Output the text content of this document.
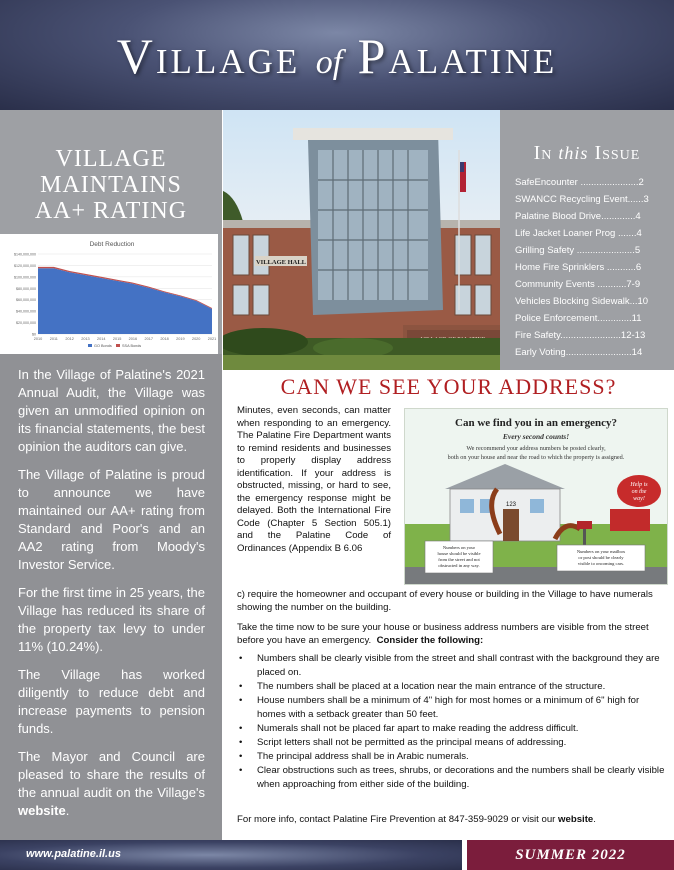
Village of Palatine
VILLAGE
MAINTAINS
AA+ RATING
Debt Reduction
$140,000,000
$120,000,000
$100,000,000
$80,000,000
$60,000,000
$40,000,000
$20,000,000
$0
2010 2011 2012 2013 2014 2015 2016 2017 2018 2019 2020 2021
GO Bonds	SSA Bonds

In the Village of Palatine's 2021 Annual Audit, the Village was given an unmodified opinion on its financial statements, the best opinion the auditors can give.

The Village of Palatine is proud to announce we have maintained our AA+ rating from Standard and Poor's and an AA2 rating from Moody's Investor Service.

For the first time in 25 years, the Village has reduced its share of the property tax levy to under 11% (10.24%).

The Village has worked diligently to reduce debt and increase payments to pension funds.

The Mayor and Council are pleased to share the results of the annual audit on the Village's website.

VILLAGE HALL
In this Issue
SafeEncounter ......................2
SWANCC Recycling Event......3
Palatine Blood Drive.............4
Life Jacket Loaner Prog .......4
Grilling Safety ......................5
Home Fire Sprinklers ...........6
Community Events ...........7-9
Vehicles Blocking Sidewalk...10
Police Enforcement.............11
Fire Safety.......................12-13
Early Voting.........................14
CAN WE SEE YOUR ADDRESS?
Minutes, even seconds, can matter when responding to an emergency. The Palatine Fire Department wants to remind residents and businesses to properly display address identification. If your address is obstructed, missing, or hard to see, the emergency response might be delayed. Both the International Fire Code (Chapter 5 Section 505.1) and the Palatine Code of Ordinances (Appendix B 6.06
Can we find you in an emergency?
Every second counts!
We recommend your address numbers be posted clearly,
both on your house and near the road to which the property is assigned.
123
Help is
on the
way!
Numbers on your
house should be visible
from the street and not
obstructed in any way.
Numbers on your mailbox
or post should be clearly
visible to oncoming cars.
c) require the homeowner and occupant of every house or building in the Village to have numerals showing the number on the building.
Take the time now to be sure your house or business address numbers are visible from the street before you have an emergency. Consider the following:
• Numbers shall be clearly visible from the street and shall contrast with the background they are placed on.
• The numbers shall be placed at a location near the main entrance of the structure.
• House numbers shall be a minimum of 4" high for most homes or a minimum of 6" high for homes with a setback greater than 50 feet.
• Numerals shall not be placed far apart to make reading the address difficult.
• Script letters shall not be permitted as the principal means of addressing.
• The principal address shall be in Arabic numerals.
• Clear obstructions such as trees, shrubs, or decorations and the numbers shall be clearly visible when approaching from either side of the building.
For more info, contact Palatine Fire Prevention at 847-359-9029 or visit our website.
www.palatine.il.us	SUMMER 2022
